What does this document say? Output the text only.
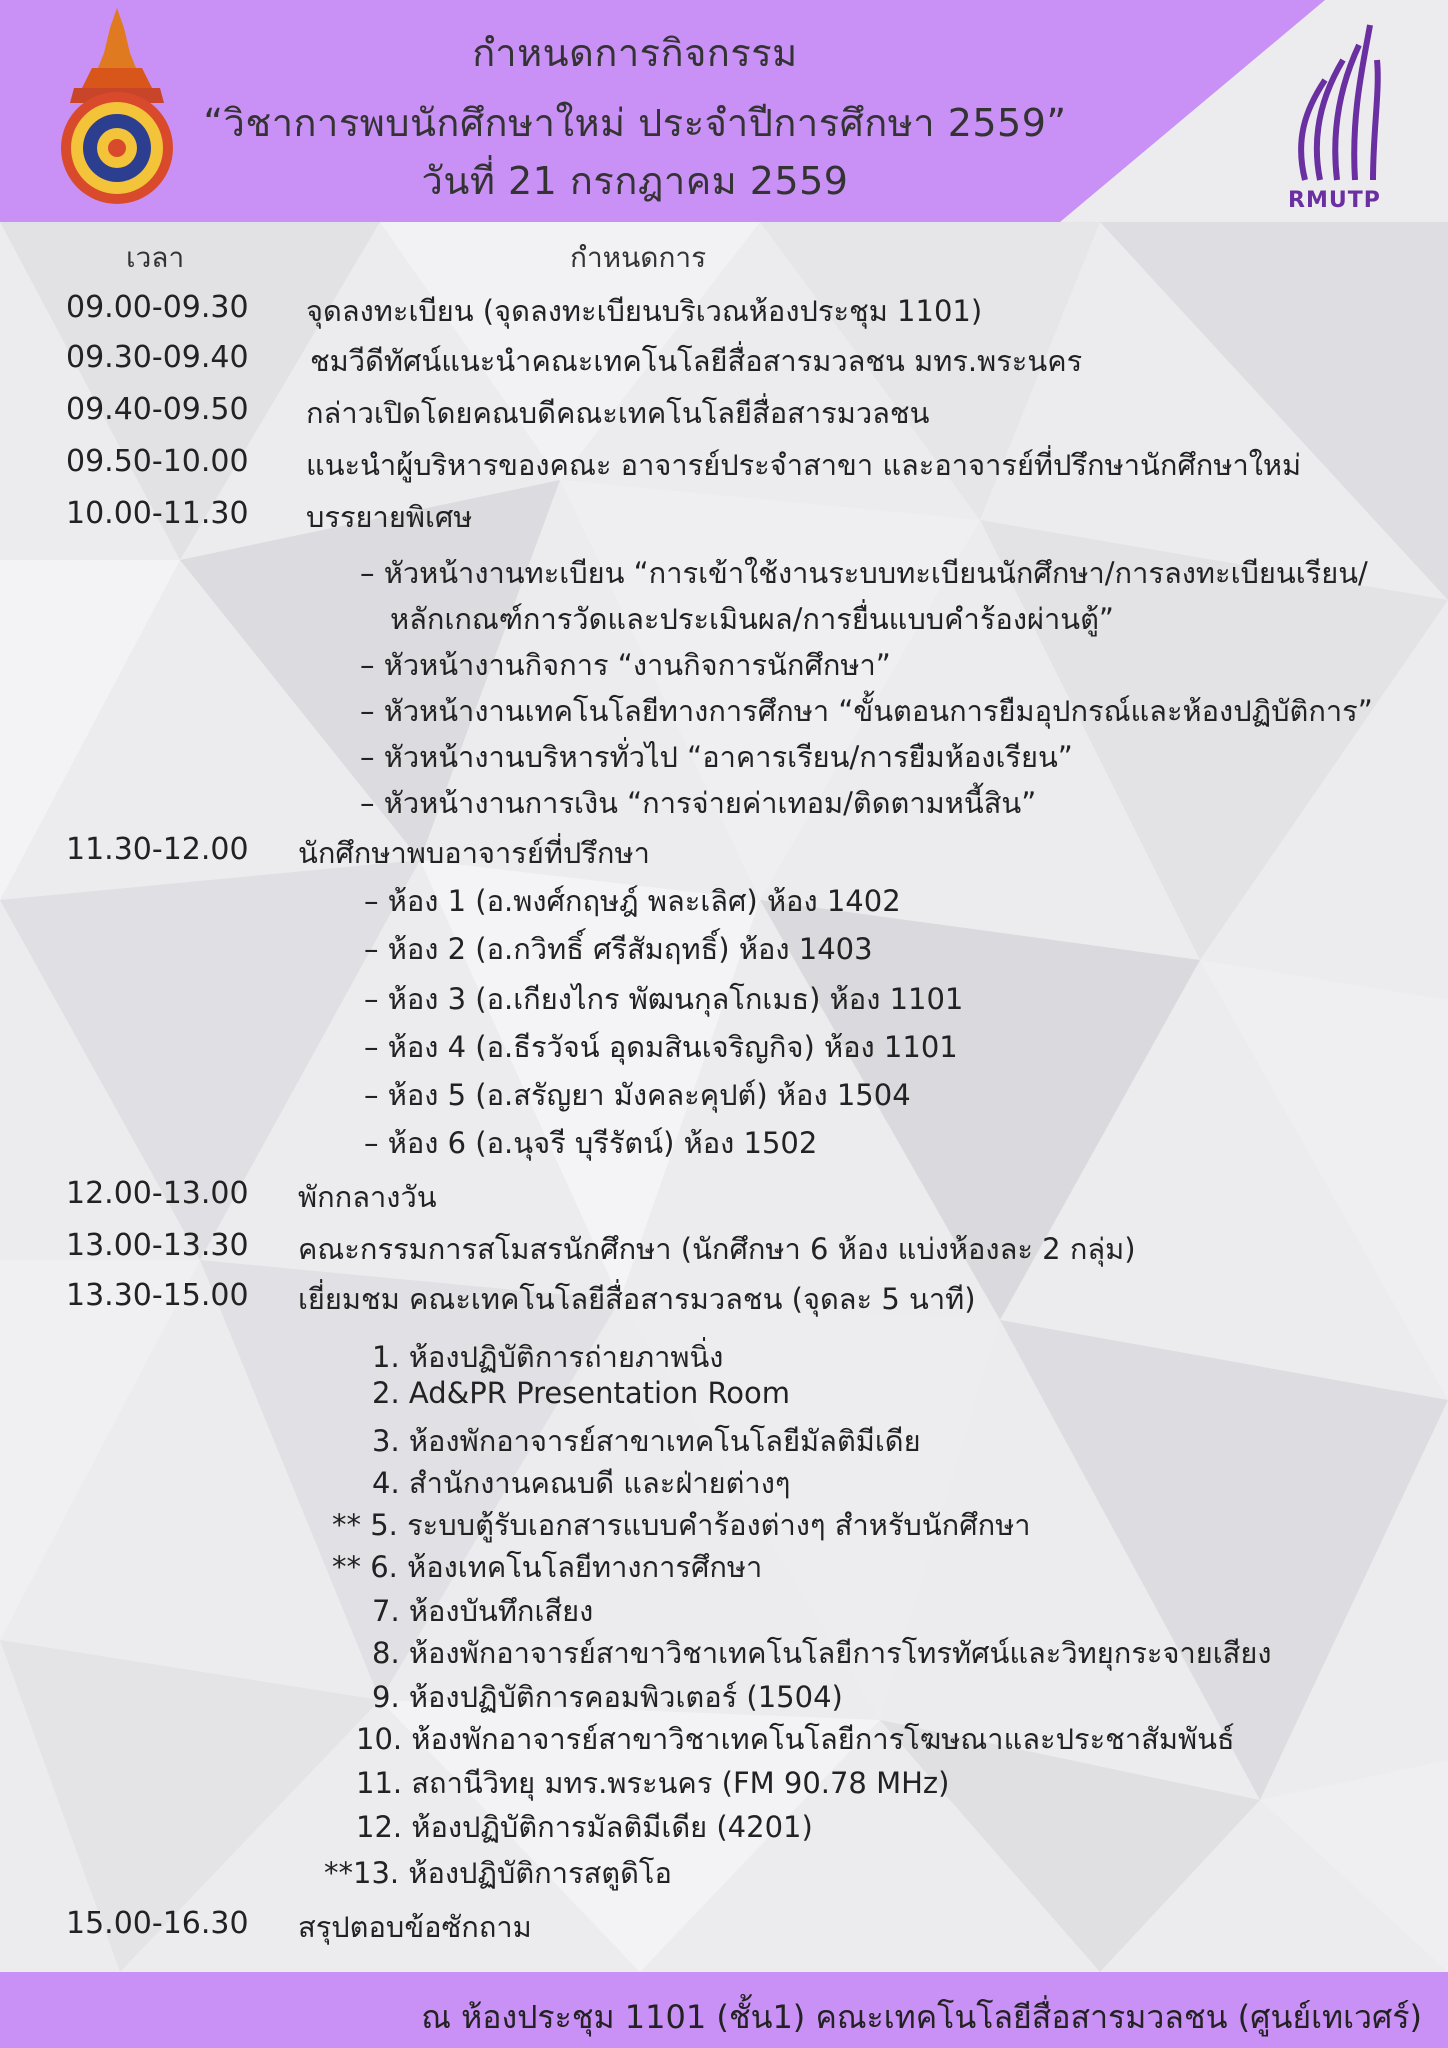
RMUTP
กำหนดการกิจกรรม
“วิชาการพบนักศึกษาใหม่ ประจำปีการศึกษา 2559”
วันที่ 21 กรกฎาคม 2559
เวลา	กำหนดการ
09.00-09.30 จุดลงทะเบียน (จุดลงทะเบียนบริเวณห้องประชุม 1101)
09.30-09.40 ชมวีดีทัศน์แนะนำคณะเทคโนโลยีสื่อสารมวลชน มทร.พระนคร
09.40-09.50 กล่าวเปิดโดยคณบดีคณะเทคโนโลยีสื่อสารมวลชน
09.50-10.00 แนะนำผู้บริหารของคณะ อาจารย์ประจำสาขา และอาจารย์ที่ปรึกษานักศึกษาใหม่
10.00-11.30 บรรยายพิเศษ
– หัวหน้างานทะเบียน “การเข้าใช้งานระบบทะเบียนนักศึกษา/การลงทะเบียนเรียน/
หลักเกณฑ์การวัดและประเมินผล/การยื่นแบบคำร้องผ่านตู้”
– หัวหน้างานกิจการ “งานกิจการนักศึกษา”
– หัวหน้างานเทคโนโลยีทางการศึกษา “ขั้นตอนการยืมอุปกรณ์และห้องปฏิบัติการ”
– หัวหน้างานบริหารทั่วไป “อาคารเรียน/การยืมห้องเรียน”
– หัวหน้างานการเงิน “การจ่ายค่าเทอม/ติดตามหนี้สิน”
11.30-12.00 นักศึกษาพบอาจารย์ที่ปรึกษา
– ห้อง 1 (อ.พงศ์กฤษฎ์ พละเลิศ) ห้อง 1402
– ห้อง 2 (อ.กวิทธิ์ ศรีสัมฤทธิ์) ห้อง 1403
– ห้อง 3 (อ.เกียงไกร พัฒนกุลโกเมธ) ห้อง 1101
– ห้อง 4 (อ.ธีรวัจน์ อุดมสินเจริญกิจ) ห้อง 1101
– ห้อง 5 (อ.สรัญยา มังคละคุปต์) ห้อง 1504
– ห้อง 6 (อ.นุจรี บุรีรัตน์) ห้อง 1502
12.00-13.00 พักกลางวัน
13.00-13.30 คณะกรรมการสโมสรนักศึกษา (นักศึกษา 6 ห้อง แบ่งห้องละ 2 กลุ่ม)
13.30-15.00 เยี่ยมชม คณะเทคโนโลยีสื่อสารมวลชน (จุดละ 5 นาที)
1. ห้องปฏิบัติการถ่ายภาพนิ่ง
2. Ad&PR Presentation Room
3. ห้องพักอาจารย์สาขาเทคโนโลยีมัลติมีเดีย
4. สำนักงานคณบดี และฝ่ายต่างๆ
** 5. ระบบตู้รับเอกสารแบบคำร้องต่างๆ สำหรับนักศึกษา
** 6. ห้องเทคโนโลยีทางการศึกษา
7. ห้องบันทึกเสียง
8. ห้องพักอาจารย์สาขาวิชาเทคโนโลยีการโทรทัศน์และวิทยุกระจายเสียง
9. ห้องปฏิบัติการคอมพิวเตอร์ (1504)
10. ห้องพักอาจารย์สาขาวิชาเทคโนโลยีการโฆษณาและประชาสัมพันธ์
11. สถานีวิทยุ มทร.พระนคร (FM 90.78 MHz)
12. ห้องปฏิบัติการมัลติมีเดีย (4201)
**13. ห้องปฏิบัติการสตูดิโอ
15.00-16.30 สรุปตอบข้อซักถาม
ณ ห้องประชุม 1101 (ชั้น1) คณะเทคโนโลยีสื่อสารมวลชน (ศูนย์เทเวศร์)
